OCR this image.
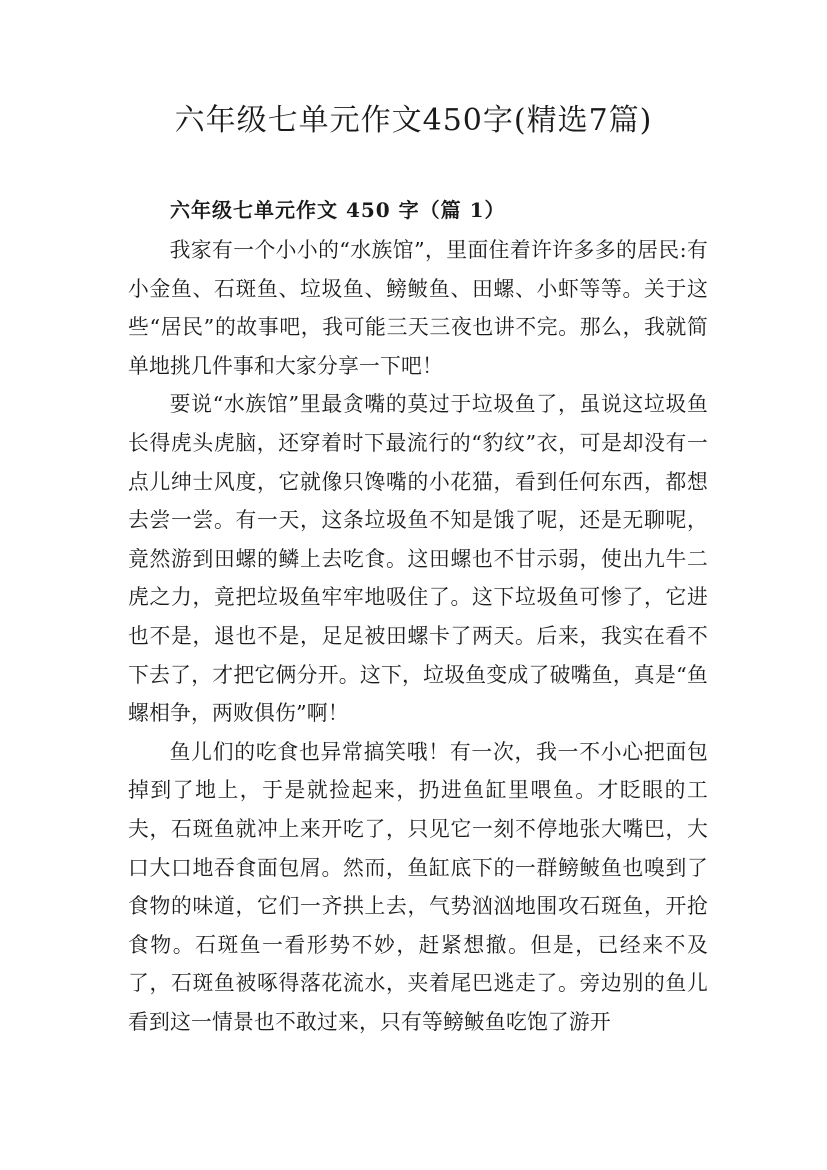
六年级七单元作文450字(精选7篇)
六年级七单元作文 450 字（篇 1）

我家有一个小小的“水族馆”，里面住着许许多多的居民:有小金鱼、石斑鱼、垃圾鱼、鳑鲏鱼、田螺、小虾等等。关于这些“居民”的故事吧，我可能三天三夜也讲不完。那么，我就简单地挑几件事和大家分享一下吧！

要说“水族馆”里最贪嘴的莫过于垃圾鱼了，虽说这垃圾鱼长得虎头虎脑，还穿着时下最流行的“豹纹”衣，可是却没有一点儿绅士风度，它就像只馋嘴的小花猫，看到任何东西，都想去尝一尝。有一天，这条垃圾鱼不知是饿了呢，还是无聊呢，竟然游到田螺的鳞上去吃食。这田螺也不甘示弱，使出九牛二虎之力，竟把垃圾鱼牢牢地吸住了。这下垃圾鱼可惨了，它进也不是，退也不是，足足被田螺卡了两天。后来，我实在看不下去了，才把它俩分开。这下，垃圾鱼变成了破嘴鱼，真是“鱼螺相争，两败俱伤”啊！

鱼儿们的吃食也异常搞笑哦！有一次，我一不小心把面包掉到了地上，于是就捡起来，扔进鱼缸里喂鱼。才眨眼的工夫，石斑鱼就冲上来开吃了，只见它一刻不停地张大嘴巴，大口大口地吞食面包屑。然而，鱼缸底下的一群鳑鲏鱼也嗅到了食物的味道，它们一齐拱上去，气势汹汹地围攻石斑鱼，开抢食物。石斑鱼一看形势不妙，赶紧想撤。但是，已经来不及了，石斑鱼被啄得落花流水，夹着尾巴逃走了。旁边别的鱼儿看到这一情景也不敢过来，只有等鳑鲏鱼吃饱了游开
